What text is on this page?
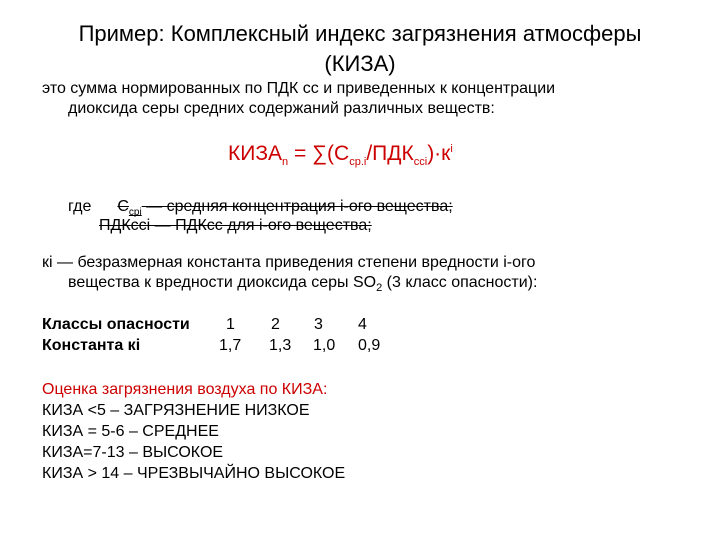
Пример: Комплексный индекс загрязнения атмосферы
(КИЗА)
это сумма нормированных по ПДК сс и приведенных к концентрации
диоксида серы средних содержаний различных веществ:
$КИЗА_n = \sum(C_{ср.i}/ПДК_{ссi})\cdot к^i$
где $C_{срi}$ — средняя концентрация i-ого вещества;
ПДКссi — ПДКсс для i-ого вещества;
кi — безразмерная константа приведения степени вредности i-ого
вещества к вредности диоксида серы $SO_2$ (3 класс опасности):
Классы опасности 1 2 3 4
Константа кi	1,7 1,3 1,0 0,9
Оценка загрязнения воздуха по КИЗА:
КИЗА <5 – ЗАГРЯЗНЕНИЕ НИЗКОЕ
КИЗА = 5-6 – СРЕДНЕЕ
КИЗА=7-13 – ВЫСОКОЕ
КИЗА > 14 – ЧРЕЗВЫЧАЙНО ВЫСОКОЕ
